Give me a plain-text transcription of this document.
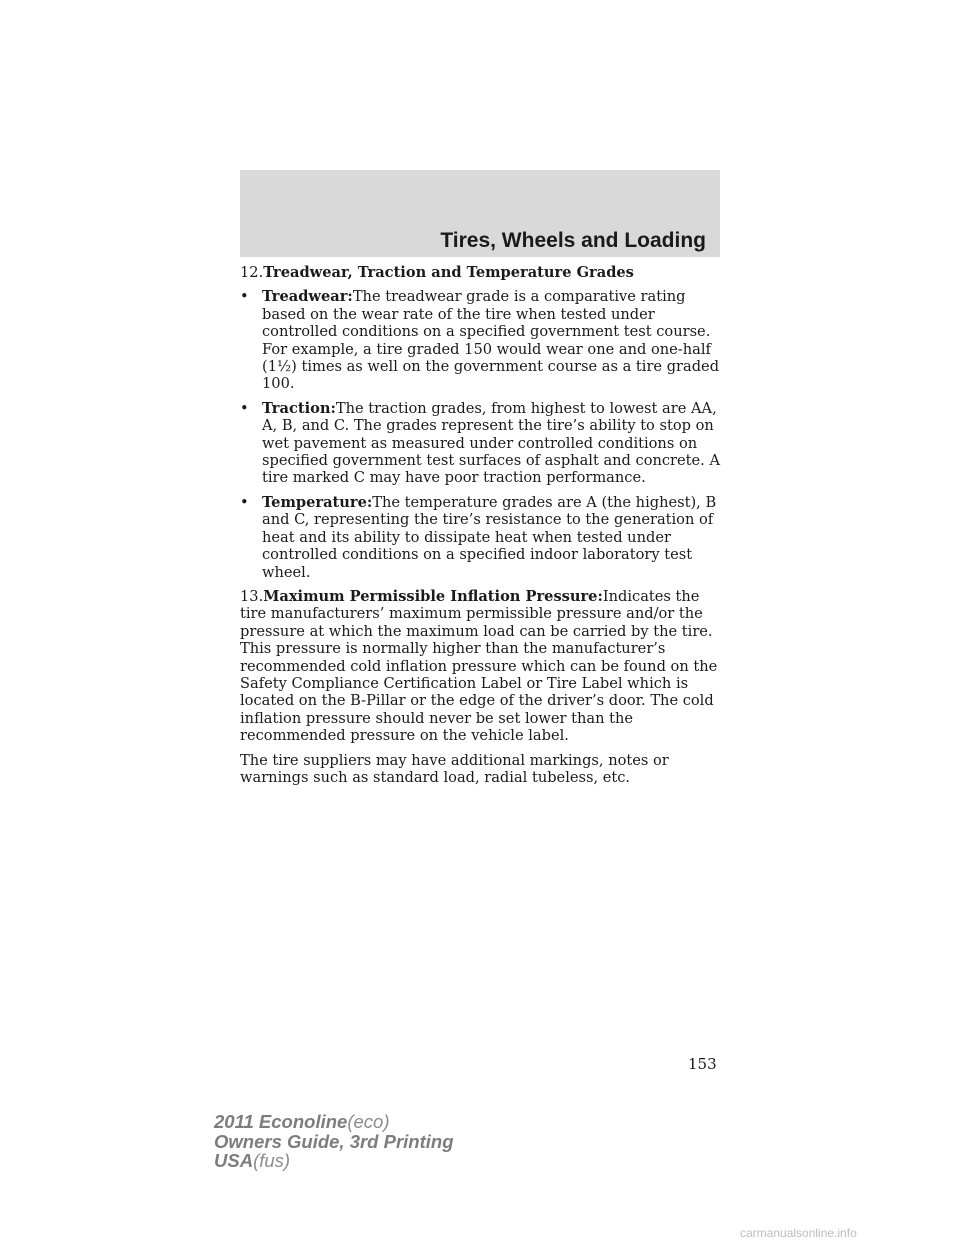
Tires, Wheels and Loading

12.Treadwear, Traction and Temperature Grades

• Treadwear:The treadwear grade is a comparative rating based on the wear rate of the tire when tested under controlled conditions on a specified government test course. For example, a tire graded 150 would wear one and one-half (1½) times as well on the government course as a tire graded 100.
• Traction:The traction grades, from highest to lowest are AA, A, B, and C. The grades represent the tire’s ability to stop on wet pavement as measured under controlled conditions on specified government test surfaces of asphalt and concrete. A tire marked C may have poor traction performance.
• Temperature:The temperature grades are A (the highest), B and C, representing the tire’s resistance to the generation of heat and its ability to dissipate heat when tested under controlled conditions on a specified indoor laboratory test wheel.

13.Maximum Permissible Inflation Pressure:Indicates the tire manufacturers’ maximum permissible pressure and/or the pressure at which the maximum load can be carried by the tire. This pressure is normally higher than the manufacturer’s recommended cold inflation pressure which can be found on the Safety Compliance Certification Label or Tire Label which is located on the B-Pillar or the edge of the driver’s door. The cold inflation pressure should never be set lower than the recommended pressure on the vehicle label.

The tire suppliers may have additional markings, notes or warnings such as standard load, radial tubeless, etc.

153
2011 Econoline(eco)
Owners Guide, 3rd Printing
USA(fus)
carmanualsonline.info
